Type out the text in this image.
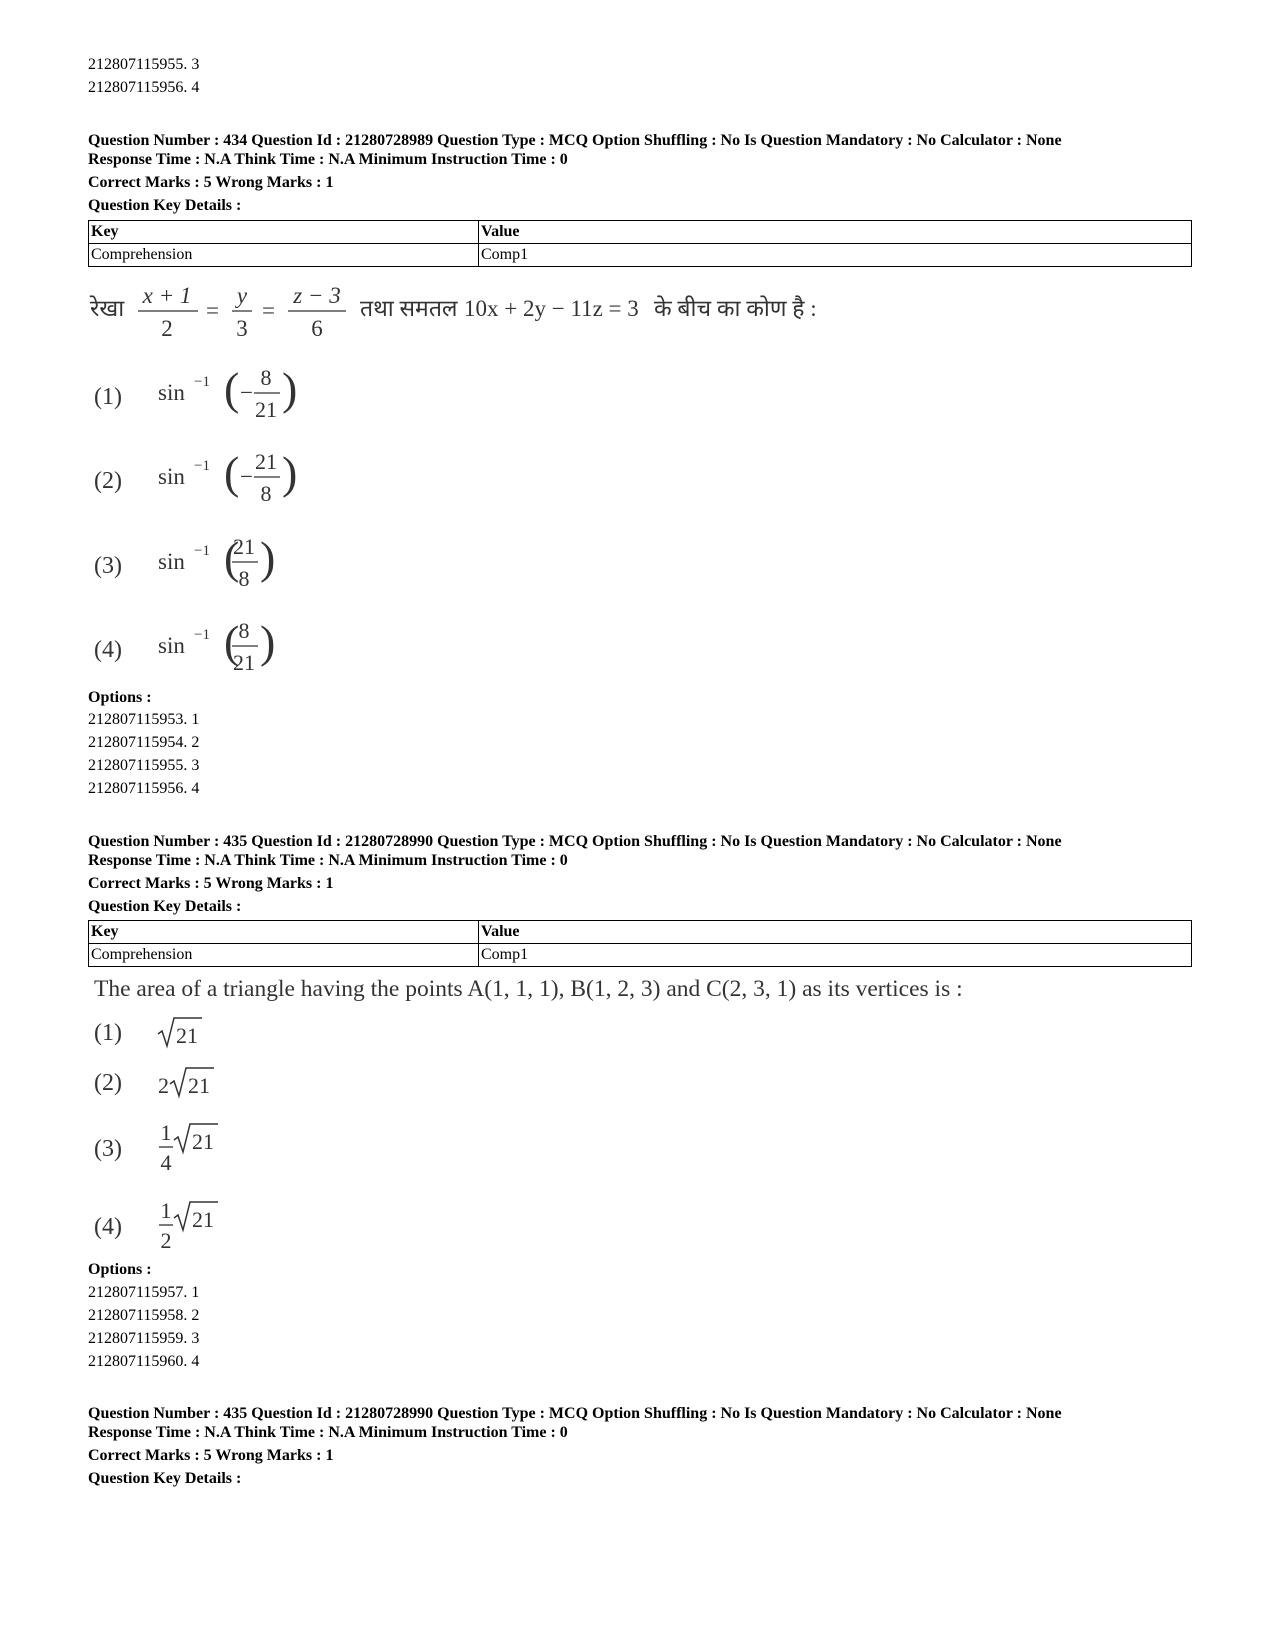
212807115955. 3
212807115956. 4
Question Number : 434 Question Id : 21280728989 Question Type : MCQ Option Shuffling : No Is Question Mandatory : No Calculator : None
Response Time : N.A Think Time : N.A Minimum Instruction Time : 0
Correct Marks : 5 Wrong Marks : 1
Question Key Details :
Key	Value
Comprehension	Comp1
रेखा
x + 1
2
=
y
3
=
z − 3
6
तथा समतल 10x + 2y − 11z = 3 के बीच का कोण है :
(1) sin −1 ( −
8
21 )
(2) sin −1 ( −
21
8 )
(3) sin −1 (
21
8 )
(4) sin −1 ( 8
21 )
Options :
212807115953. 1
212807115954. 2
212807115955. 3
212807115956. 4
Question Number : 435 Question Id : 21280728990 Question Type : MCQ Option Shuffling : No Is Question Mandatory : No Calculator : None
Response Time : N.A Think Time : N.A Minimum Instruction Time : 0
Correct Marks : 5 Wrong Marks : 1
Question Key Details :
Key	Value
Comprehension	Comp1
The area of a triangle having the points A(1, 1, 1), B(1, 2, 3) and C(2, 3, 1) as its vertices is :
(1) 21
(2) 2 21
(3)
1
4
21
(4)
1
2
21
Options :
212807115957. 1
212807115958. 2
212807115959. 3
212807115960. 4
Question Number : 435 Question Id : 21280728990 Question Type : MCQ Option Shuffling : No Is Question Mandatory : No Calculator : None
Response Time : N.A Think Time : N.A Minimum Instruction Time : 0
Correct Marks : 5 Wrong Marks : 1
Question Key Details :
